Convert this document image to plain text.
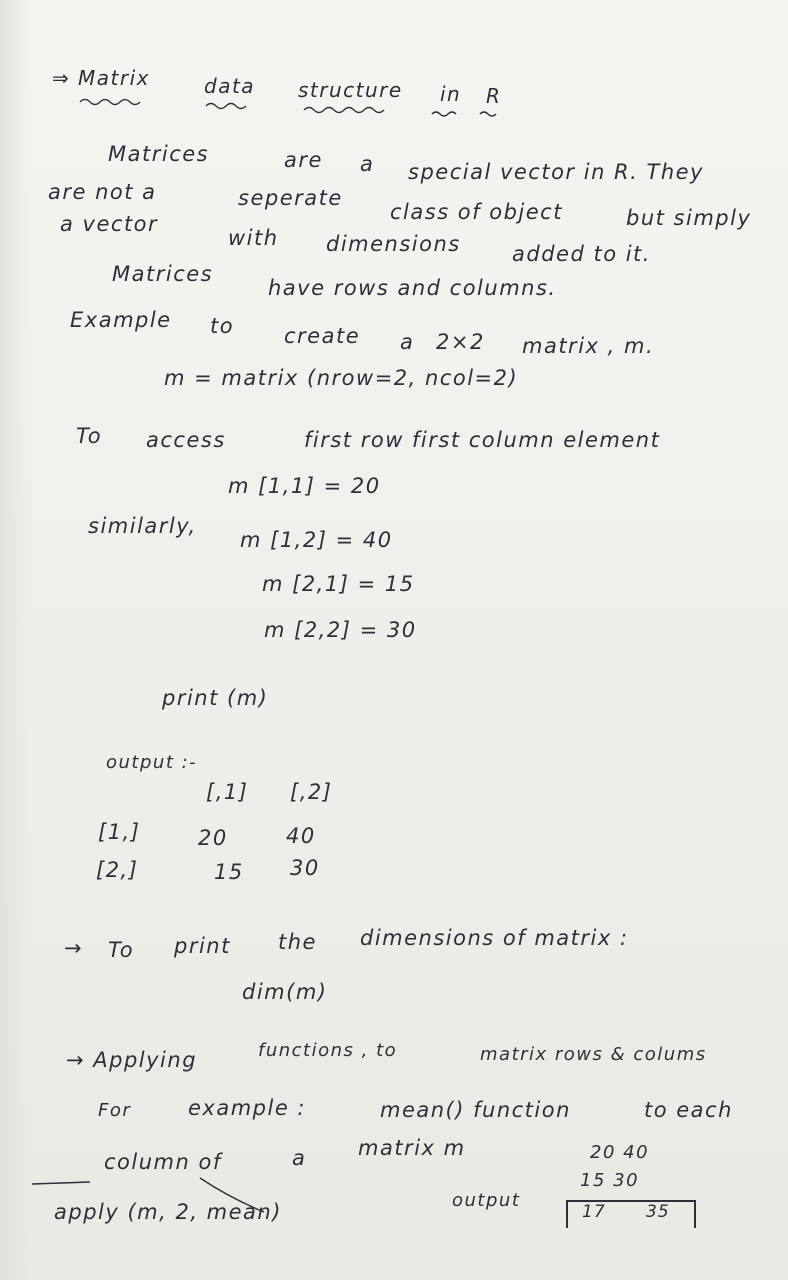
⇒ Matrix	data structure in R
Matrices	are a special vector in R. They
are not a	seperate
class of object	but simply
a vector
with dimensions added to it.
Matrices
have rows and columns.
Example to create a 2×2 matrix , m.
m = matrix (nrow=2, ncol=2)
To access	first row first column element
m [1,1] = 20
similarly,
m [1,2] = 40
m [2,1] = 15
m [2,2] = 30
print (m)
output :-
[,1] [,2]
[1,]	20	40
[2,]	15 30
→ To print the dimensions of matrix :
dim(m)
→ Applying	functions , to	matrix rows & colums
For	example :	mean() function	to each
column of	a matrix m	20 40
15 30
apply (m, 2, mean)	output
17 35
